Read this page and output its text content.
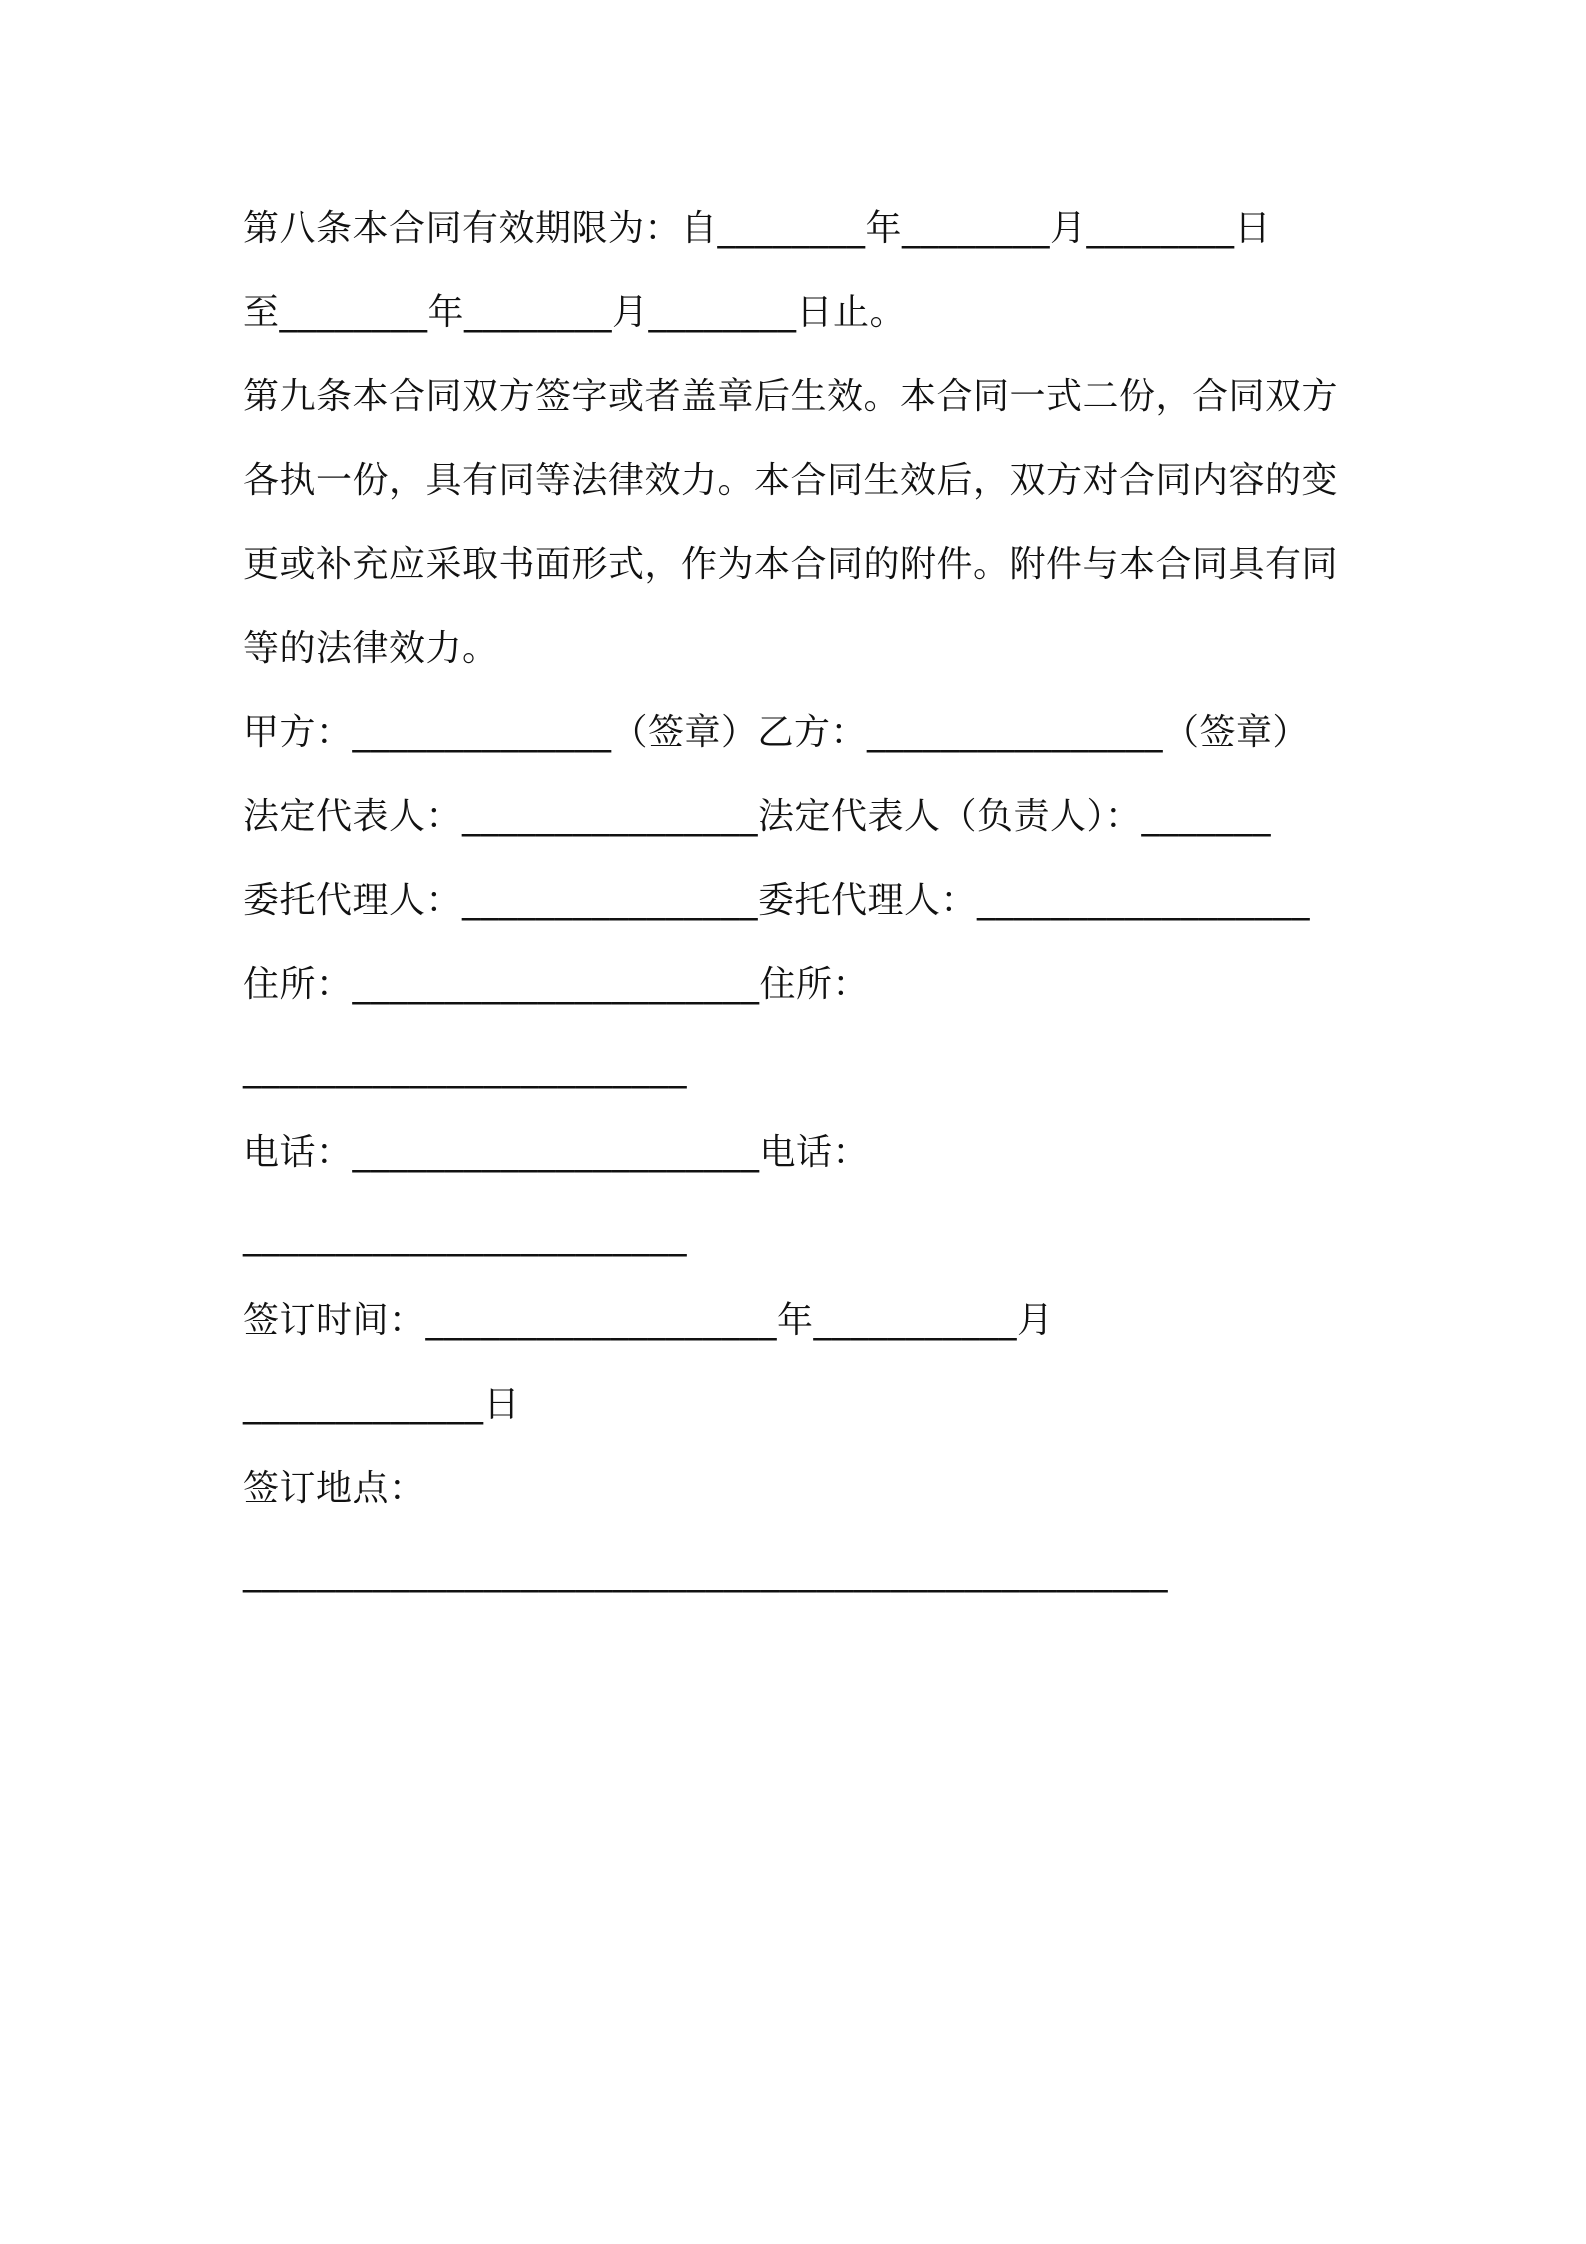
第八条本合同有效期限为：自________年________月________日
至________年________月________日止。
第九条本合同双方签字或者盖章后生效。本合同一式二份，合同双方
各执一份，具有同等法律效力。本合同生效后，双方对合同内容的变
更或补充应采取书面形式，作为本合同的附件。附件与本合同具有同
等的法律效力。
甲方：______________（签章）乙方：________________（签章）
法定代表人：________________法定代表人（负责人）：_______
委托代理人：________________委托代理人：__________________
住所：______________________住所：
________________________
电话：______________________电话：
________________________
签订时间：___________________年___________月
_____________日
签订地点：
__________________________________________________
